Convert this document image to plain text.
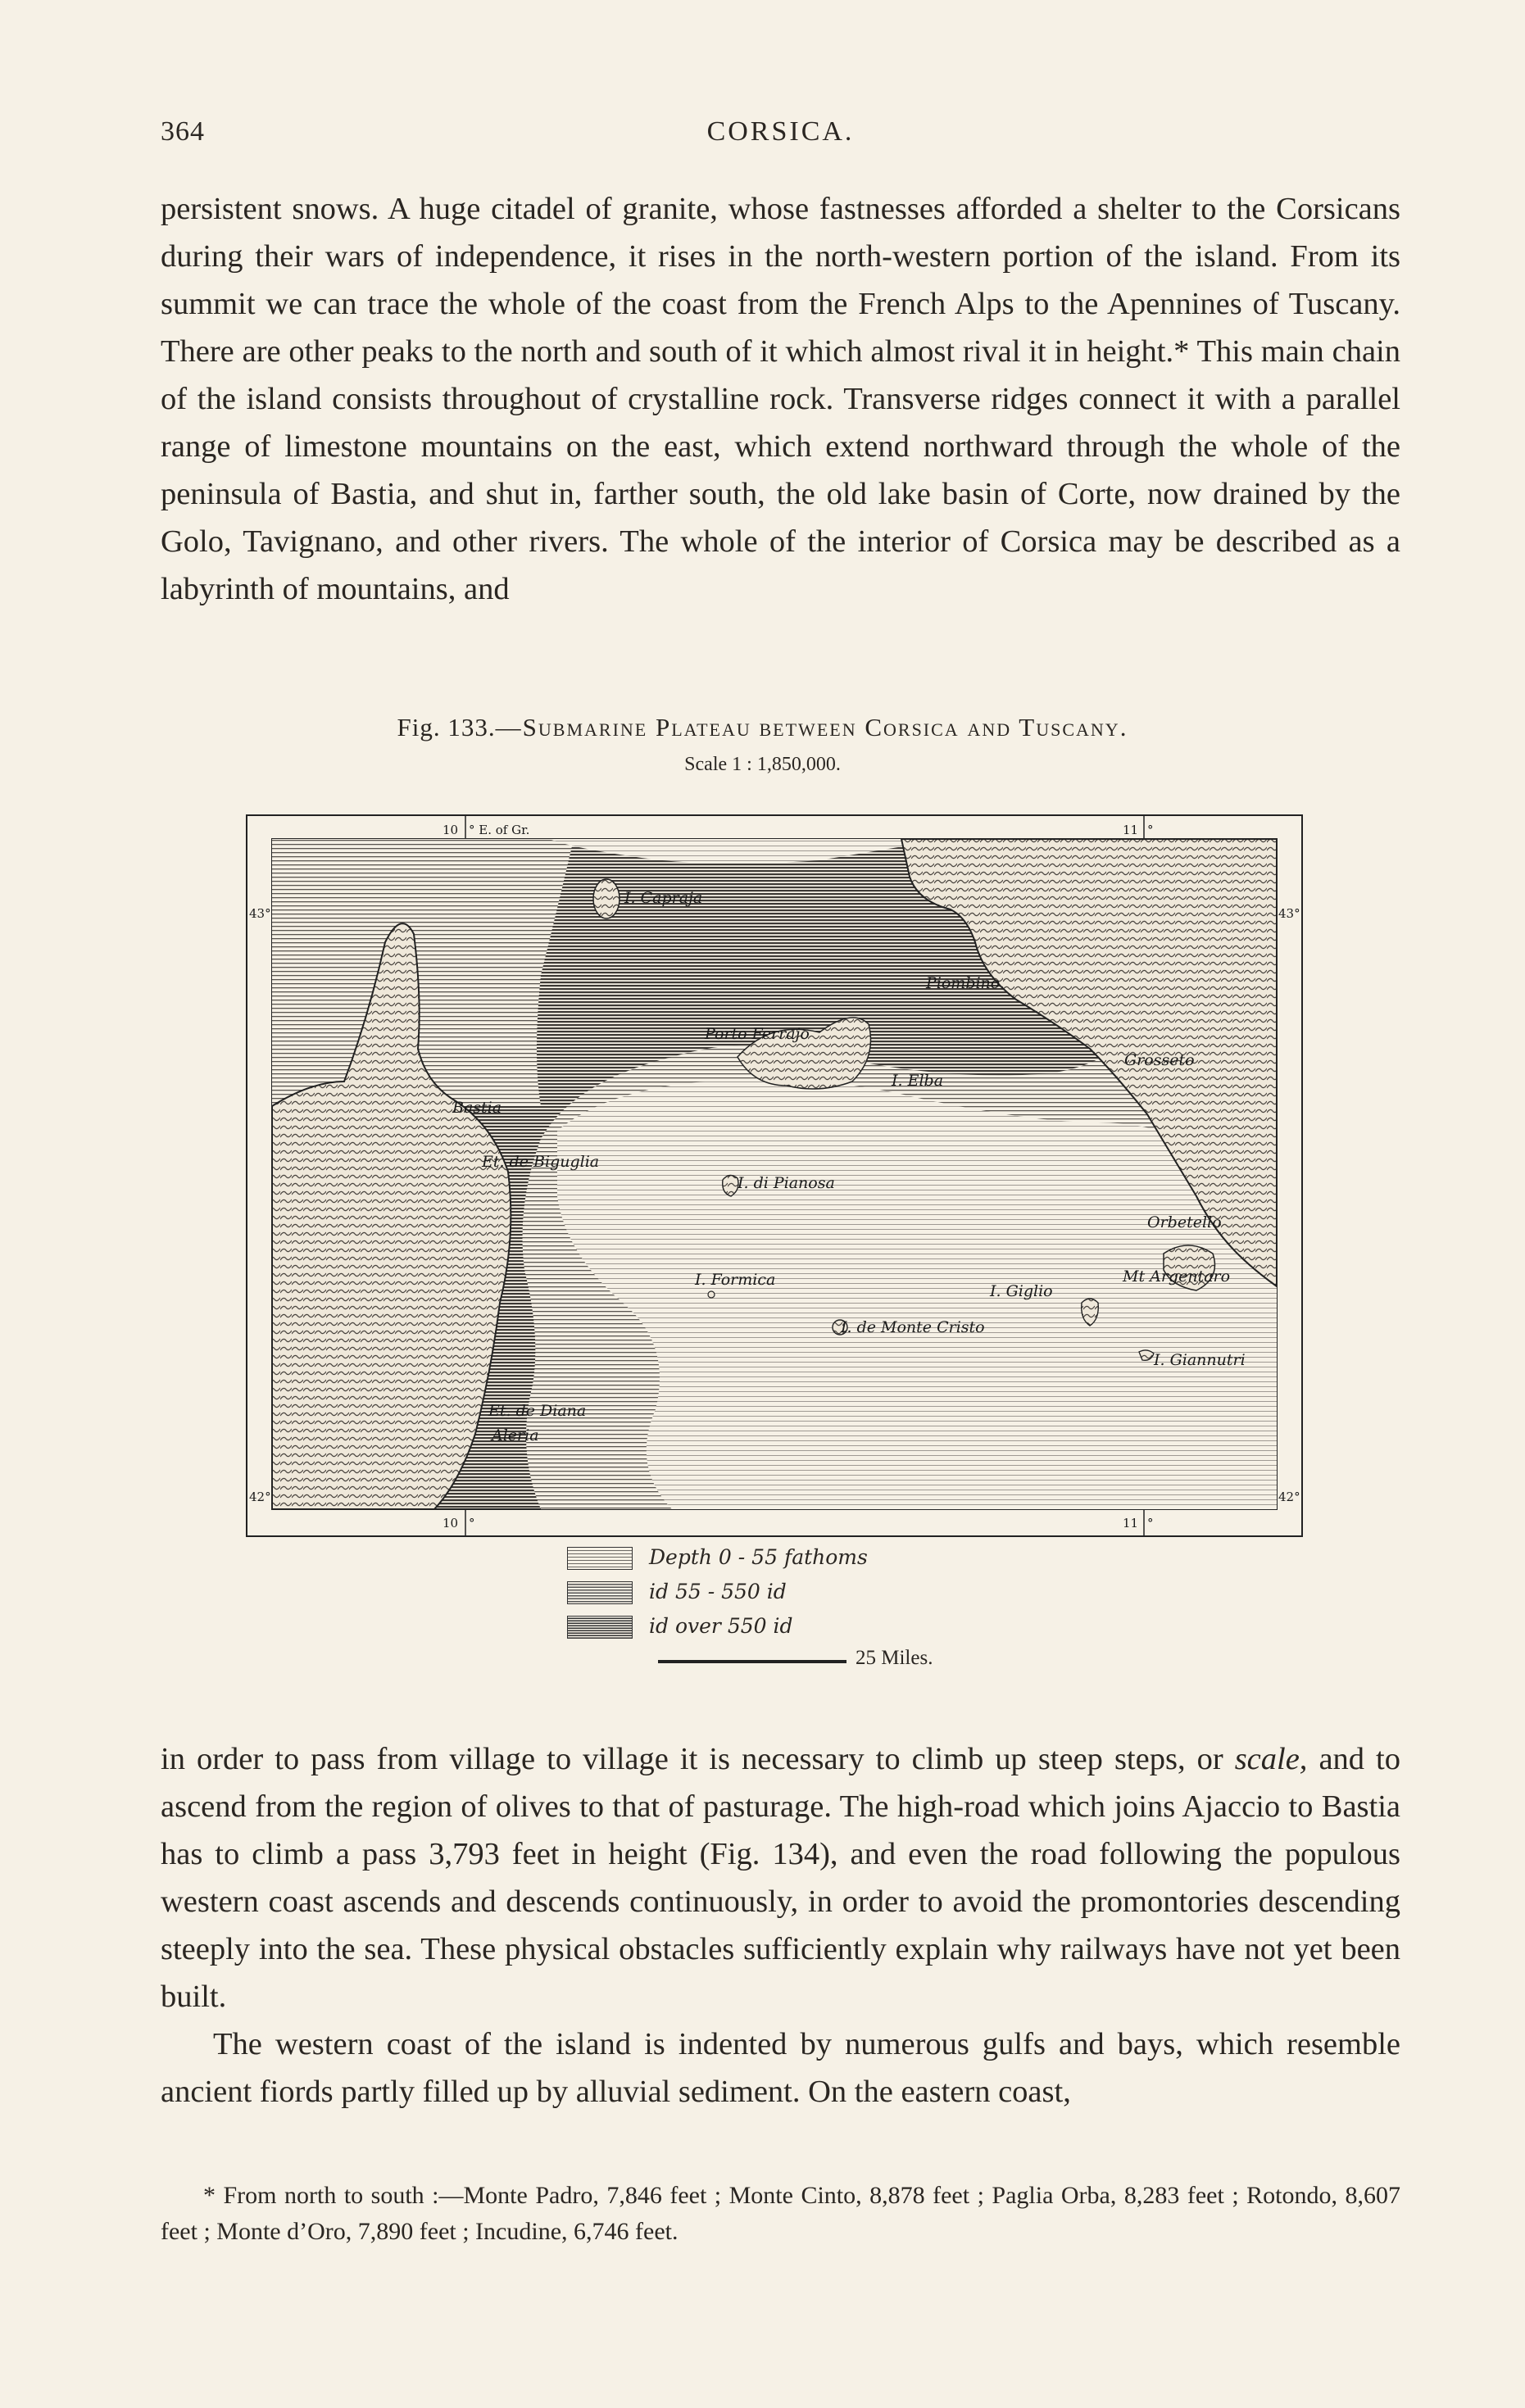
364	CORSICA.

persistent snows. A huge citadel of granite, whose fastnesses afforded a shelter to the Corsicans during their wars of independence, it rises in the north-western portion of the island. From its summit we can trace the whole of the coast from the French Alps to the Apennines of Tuscany. There are other peaks to the north and south of it which almost rival it in height.* This main chain of the island consists throughout of crystalline rock. Transverse ridges connect it with a parallel range of limestone mountains on the east, which extend northward through the whole of the peninsula of Bastia, and shut in, farther south, the old lake basin of Corte, now drained by the Golo, Tavignano, and other rivers. The whole of the interior of Corsica may be described as a labyrinth of mountains, and

Fig. 133.—Submarine Plateau between Corsica and Tuscany.
Scale 1 : 1,850,000.
10 ° E. of Gr.	11 °
10 °	11 °
43°	43°
42°	42°
I. Capraja
Piombino
Porto Ferrajo
I. Elba
Grosseto
Bastia
Et. de Biguglia
I. di Pianosa
Orbetello
Mt Argentaro
I. Formica
I. Giglio
I. de Monte Cristo
I. Giannutri
Et. de Diana
Aleria
Depth 0 - 55 fathoms
id 55 - 550 id
id over 550 id
25 Miles.

in order to pass from village to village it is necessary to climb up steep steps, or scale, and to ascend from the region of olives to that of pasturage. The high-road which joins Ajaccio to Bastia has to climb a pass 3,793 feet in height (Fig. 134), and even the road following the populous western coast ascends and descends continuously, in order to avoid the promontories descending steeply into the sea. These physical obstacles sufficiently explain why railways have not yet been built.

The western coast of the island is indented by numerous gulfs and bays, which resemble ancient fiords partly filled up by alluvial sediment. On the eastern coast,

* From north to south :—Monte Padro, 7,846 feet ; Monte Cinto, 8,878 feet ; Paglia Orba, 8,283 feet ; Rotondo, 8,607 feet ; Monte d’Oro, 7,890 feet ; Incudine, 6,746 feet.
